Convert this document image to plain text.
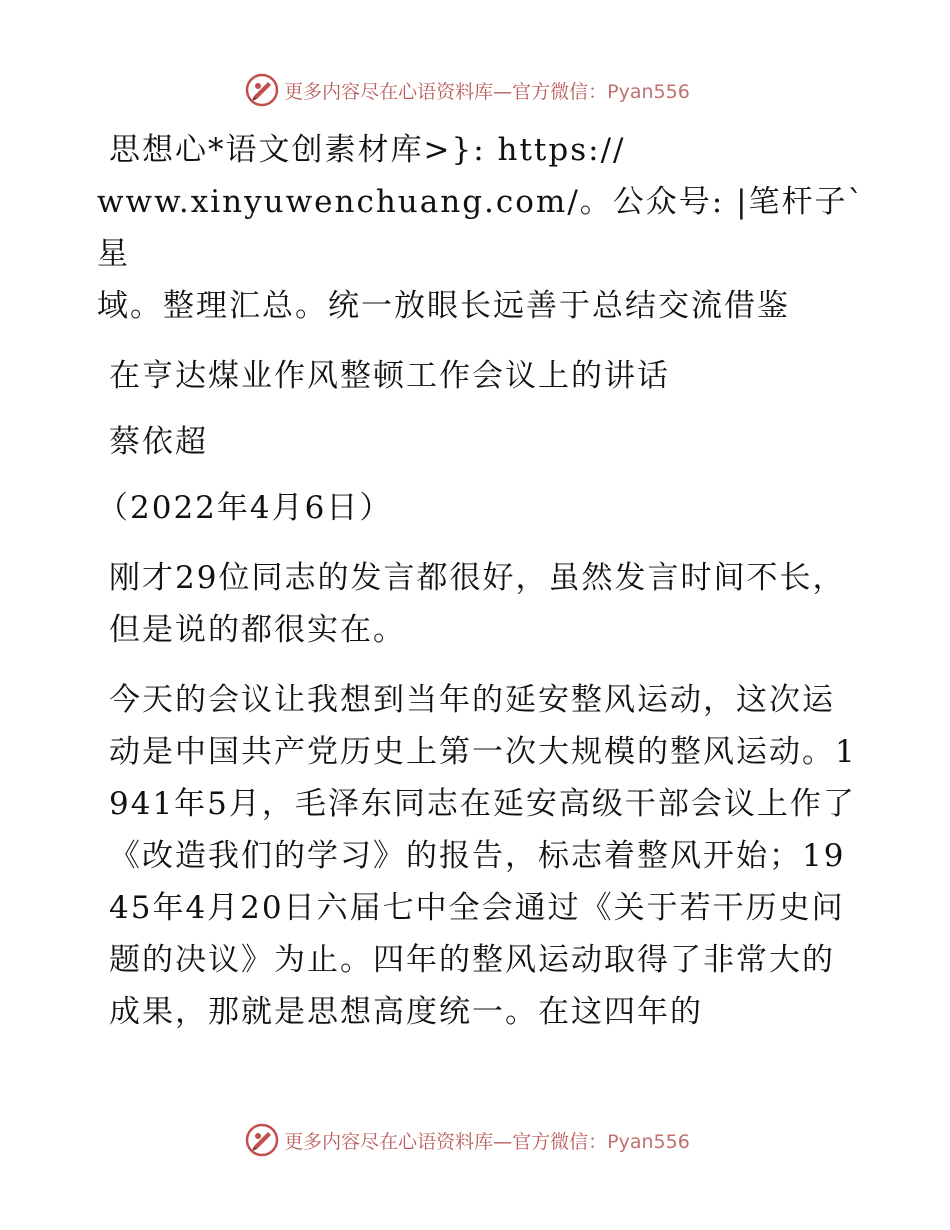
更多内容尽在心语资料库—官方微信：Pyan556

思想心*语文创素材库>}: https://

www.xinyuwenchuang.com/。公众号: |笔杆子`星

域。整理汇总。统一放眼长远善于总结交流借鉴

在亨达煤业作风整顿工作会议上的讲话

蔡依超

（2022年4月6日）

刚才29位同志的发言都很好，虽然发言时间不长，但是说的都很实在。

今天的会议让我想到当年的延安整风运动，这次运动是中国共产党历史上第一次大规模的整风运动。1941年5月，毛泽东同志在延安高级干部会议上作了《改造我们的学习》的报告，标志着整风开始；1945年4月20日六届七中全会通过《关于若干历史问题的决议》为止。四年的整风运动取得了非常大的成果，那就是思想高度统一。在这四年的

更多内容尽在心语资料库—官方微信：Pyan556
